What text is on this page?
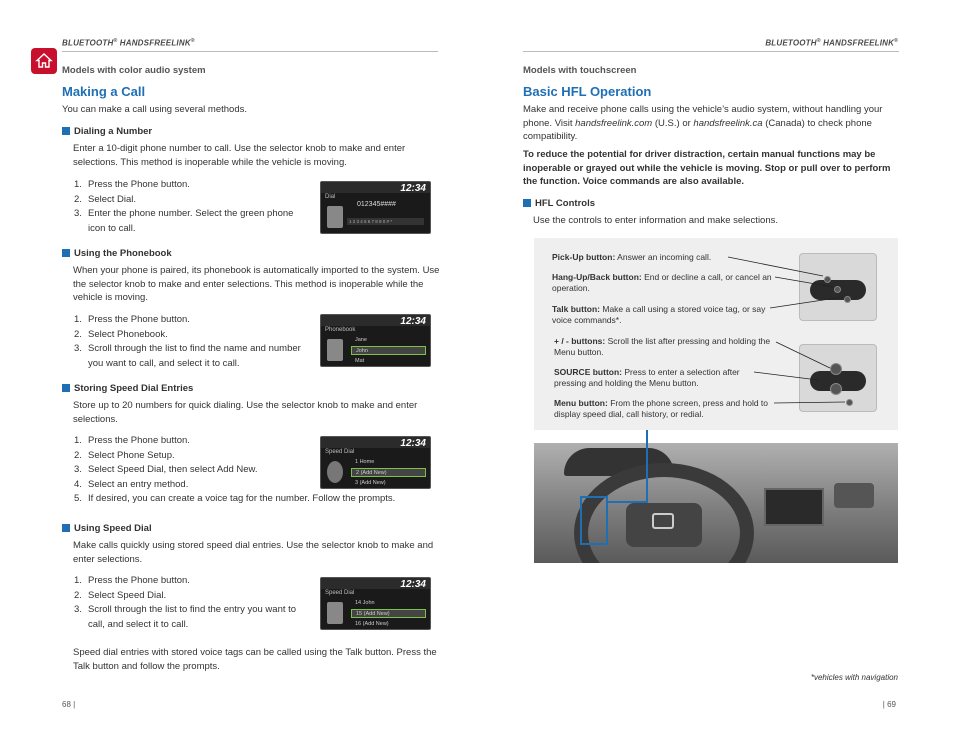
BLUETOOTH® HANDSFREELINK®
Models with color audio system
Making a Call
You can make a call using several methods.
Dialing a Number
Enter a 10-digit phone number to call. Use the selector knob to make and enter selections. This method is inoperable while the vehicle is moving.
1. Press the Phone button.
2. Select Dial.
3. Enter the phone number. Select the green phone icon to call.
12:34
Dial
012345####
1 2 3 4 5 6 7 8 9 0 # *
Using the Phonebook
When your phone is paired, its phonebook is automatically imported to the system. Use the selector knob to make and enter selections. This method is inoperable while the vehicle is moving.
1. Press the Phone button.
2. Select Phonebook.
3. Scroll through the list to find the name and number you want to call, and select it to call.
12:34
Phonebook
Jane
John
Mat
Storing Speed Dial Entries
Store up to 20 numbers for quick dialing. Use the selector knob to make and enter selections.
1. Press the Phone button.
2. Select Phone Setup.
3. Select Speed Dial, then select Add New.
4. Select an entry method.
5. If desired, you can create a voice tag for the number. Follow the prompts.
12:34
Speed Dial
1 Home
2 (Add New)
3 (Add New)
Using Speed Dial
Make calls quickly using stored speed dial entries. Use the selector knob to make and enter selections.
1. Press the Phone button.
2. Select Speed Dial.
3. Scroll through the list to find the entry you want to call, and select it to call.
12:34
Speed Dial
14 John
15 (Add New)
16 (Add New)
Speed dial entries with stored voice tags can be called using the Talk button. Press the Talk button and follow the prompts.
68 |
BLUETOOTH® HANDSFREELINK®
Models with touchscreen
Basic HFL Operation
Make and receive phone calls using the vehicle’s audio system, without handling your phone. Visit handsfreelink.com (U.S.) or handsfreelink.ca (Canada) to check phone compatibility.
To reduce the potential for driver distraction, certain manual functions may be inoperable or grayed out while the vehicle is moving. Stop or pull over to perform the function. Voice commands are also available.
HFL Controls
Use the controls to enter information and make selections.
| 69
Pick-Up button: Answer an incoming call.
Hang-Up/Back button: End or decline a call, or cancel an operation.
Talk button: Make a call using a stored voice tag, or say voice commands*.
+ / - buttons: Scroll the list after pressing and holding the Menu button.
SOURCE button: Press to enter a selection after pressing and holding the Menu button.
Menu button: From the phone screen, press and hold to display speed dial, call history, or redial.
*vehicles with navigation
